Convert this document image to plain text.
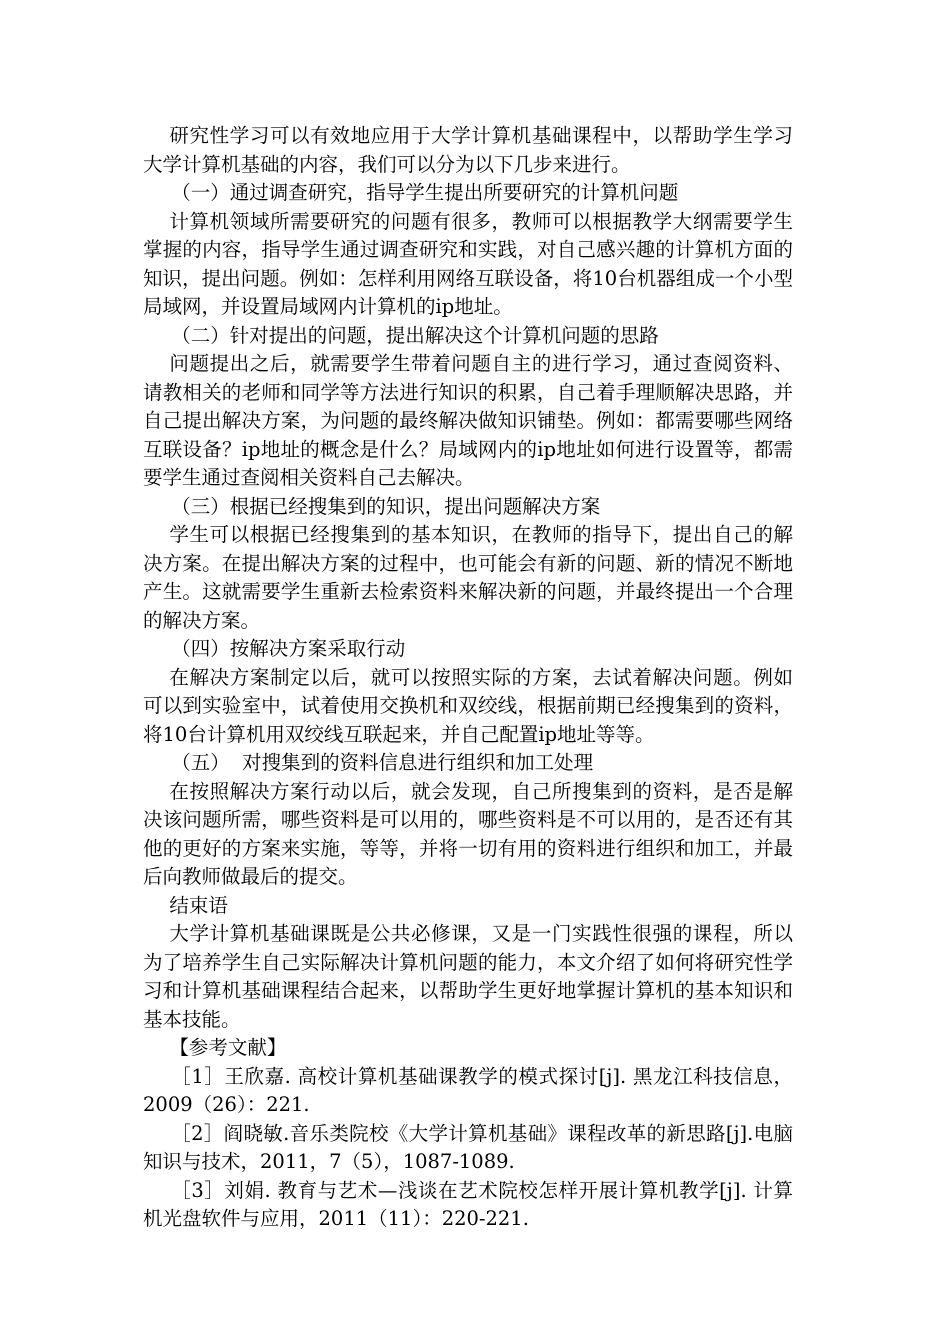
研究性学习可以有效地应用于大学计算机基础课程中，以帮助学生学习大学计算机基础的内容，我们可以分为以下几步来进行。

（一）通过调查研究，指导学生提出所要研究的计算机问题

计算机领域所需要研究的问题有很多，教师可以根据教学大纲需要学生掌握的内容，指导学生通过调查研究和实践，对自己感兴趣的计算机方面的知识，提出问题。例如：怎样利用网络互联设备，将10台机器组成一个小型局域网，并设置局域网内计算机的ip地址。

（二）针对提出的问题，提出解决这个计算机问题的思路

问题提出之后，就需要学生带着问题自主的进行学习，通过查阅资料、请教相关的老师和同学等方法进行知识的积累，自己着手理顺解决思路，并自己提出解决方案，为问题的最终解决做知识铺垫。例如：都需要哪些网络互联设备？ip地址的概念是什么？局域网内的ip地址如何进行设置等，都需要学生通过查阅相关资料自己去解决。

（三）根据已经搜集到的知识，提出问题解决方案

学生可以根据已经搜集到的基本知识，在教师的指导下，提出自己的解决方案。在提出解决方案的过程中，也可能会有新的问题、新的情况不断地产生。这就需要学生重新去检索资料来解决新的问题，并最终提出一个合理的解决方案。

（四）按解决方案采取行动

在解决方案制定以后，就可以按照实际的方案，去试着解决问题。例如可以到实验室中，试着使用交换机和双绞线，根据前期已经搜集到的资料，将10台计算机用双绞线互联起来，并自己配置ip地址等等。

（五）  对搜集到的资料信息进行组织和加工处理

在按照解决方案行动以后，就会发现，自己所搜集到的资料，是否是解决该问题所需，哪些资料是可以用的，哪些资料是不可以用的，是否还有其他的更好的方案来实施，等等，并将一切有用的资料进行组织和加工，并最后向教师做最后的提交。

结束语

大学计算机基础课既是公共必修课，又是一门实践性很强的课程，所以为了培养学生自己实际解决计算机问题的能力，本文介绍了如何将研究性学习和计算机基础课程结合起来，以帮助学生更好地掌握计算机的基本知识和基本技能。

【参考文献】

［1］王欣嘉. 高校计算机基础课教学的模式探讨[j]. 黑龙江科技信息，2009（26）：221.

［2］阎晓敏.音乐类院校《大学计算机基础》课程改革的新思路[j].电脑知识与技术，2011，7（5），1087-1089.

［3］刘娟. 教育与艺术—浅谈在艺术院校怎样开展计算机教学[j]. 计算机光盘软件与应用，2011（11）：220-221.
